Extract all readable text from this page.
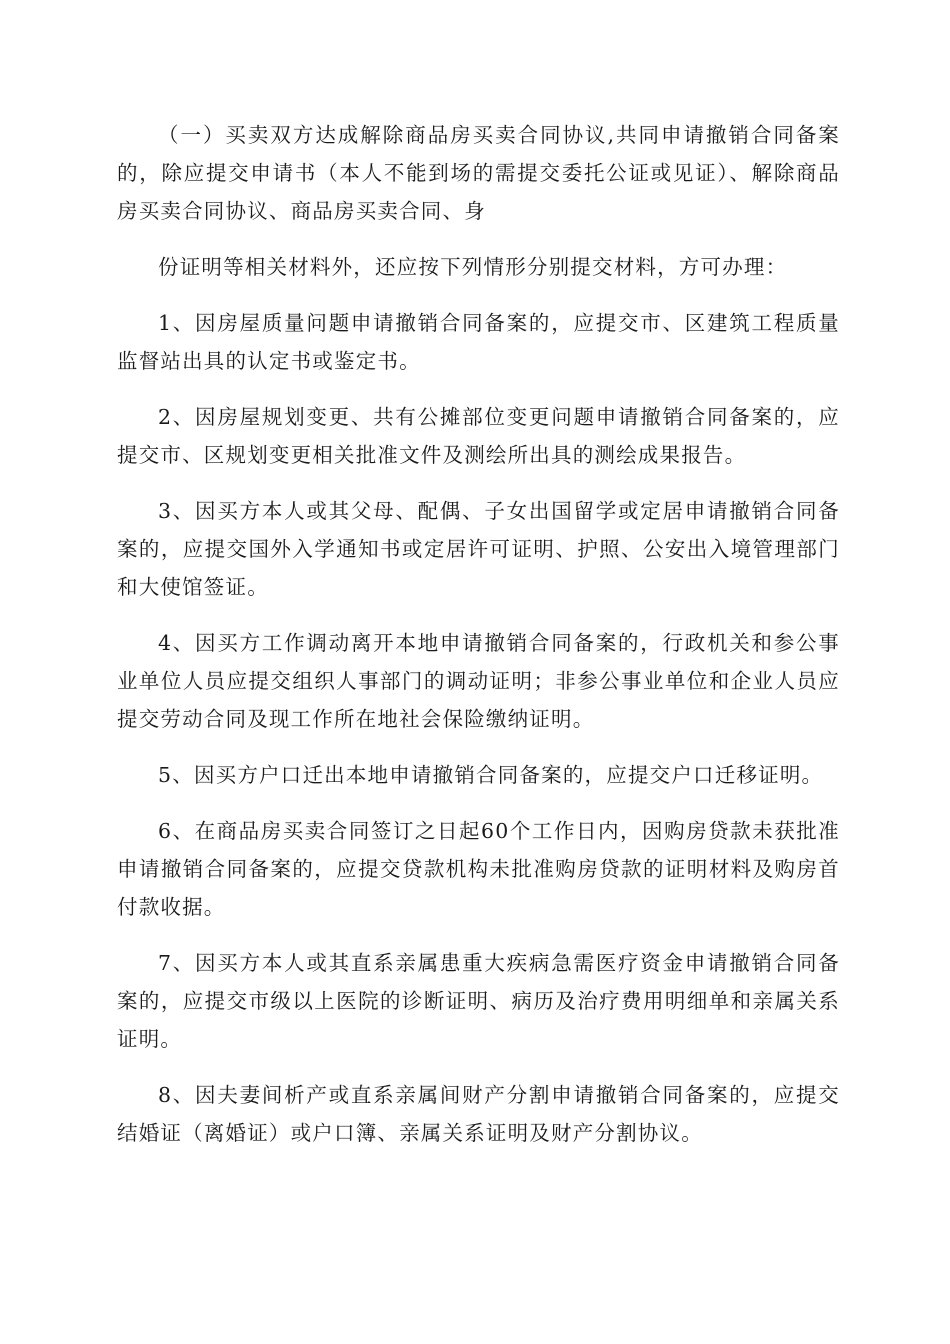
（一）买卖双方达成解除商品房买卖合同协议,共同申请撤销合同备案的，除应提交申请书（本人不能到场的需提交委托公证或见证）、解除商品房买卖合同协议、商品房买卖合同、身

份证明等相关材料外，还应按下列情形分别提交材料，方可办理：

1、因房屋质量问题申请撤销合同备案的，应提交市、区建筑工程质量监督站出具的认定书或鉴定书。

2、因房屋规划变更、共有公摊部位变更问题申请撤销合同备案的，应提交市、区规划变更相关批准文件及测绘所出具的测绘成果报告。

3、因买方本人或其父母、配偶、子女出国留学或定居申请撤销合同备案的，应提交国外入学通知书或定居许可证明、护照、公安出入境管理部门和大使馆签证。

4、因买方工作调动离开本地申请撤销合同备案的，行政机关和参公事业单位人员应提交组织人事部门的调动证明；非参公事业单位和企业人员应提交劳动合同及现工作所在地社会保险缴纳证明。

5、因买方户口迁出本地申请撤销合同备案的，应提交户口迁移证明。

6、在商品房买卖合同签订之日起60个工作日内，因购房贷款未获批准申请撤销合同备案的，应提交贷款机构未批准购房贷款的证明材料及购房首付款收据。

7、因买方本人或其直系亲属患重大疾病急需医疗资金申请撤销合同备案的，应提交市级以上医院的诊断证明、病历及治疗费用明细单和亲属关系证明。

8、因夫妻间析产或直系亲属间财产分割申请撤销合同备案的，应提交结婚证（离婚证）或户口簿、亲属关系证明及财产分割协议。
